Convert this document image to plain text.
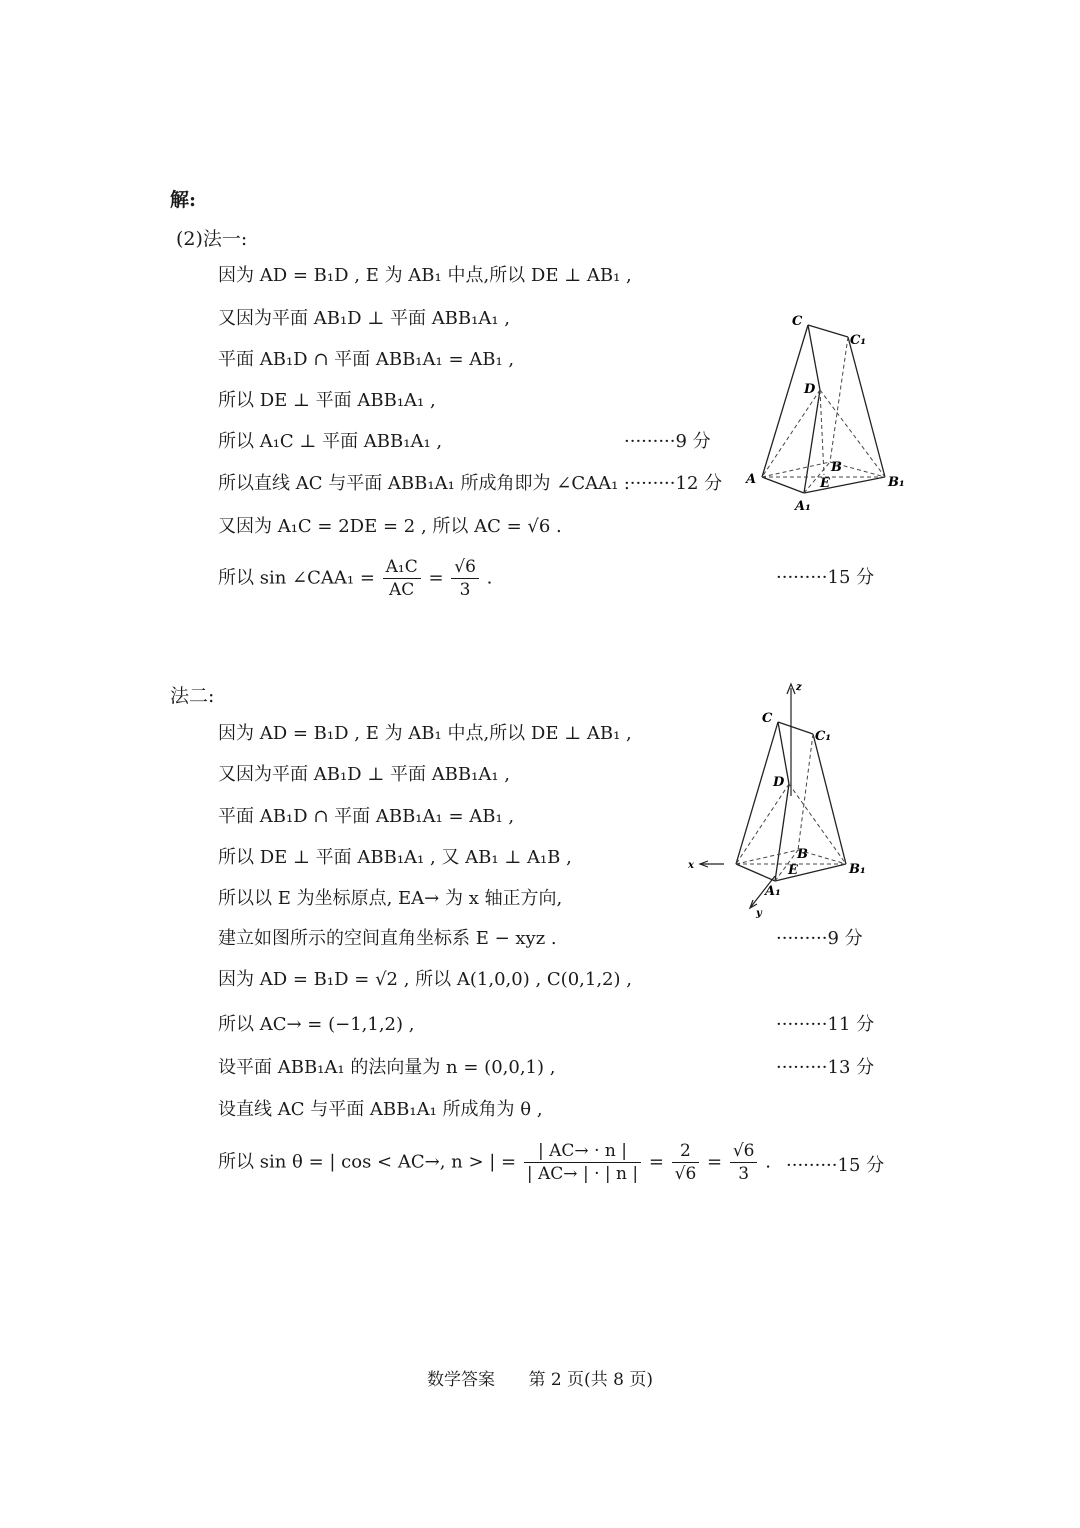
解:
(2)法一:
因为 AD = B₁D , E 为 AB₁ 中点,所以 DE ⊥ AB₁ ,
又因为平面 AB₁D ⊥ 平面 ABB₁A₁ ,
平面 AB₁D ∩ 平面 ABB₁A₁ = AB₁ ,
所以 DE ⊥ 平面 ABB₁A₁ ,
所以 A₁C ⊥ 平面 ABB₁A₁ ,
所以直线 AC 与平面 ABB₁A₁ 所成角即为 ∠CAA₁ .
又因为 A₁C = 2DE = 2 , 所以 AC = √6 .
所以 sin ∠CAA₁ = $\frac{\text{A₁C}}{AC} = \frac{√6}{3}$ .
·········9 分
·········12 分
·········15 分
C
C₁
D
A
B
E	B₁
A₁
法二:
因为 AD = B₁D , E 为 AB₁ 中点,所以 DE ⊥ AB₁ ,
又因为平面 AB₁D ⊥ 平面 ABB₁A₁ ,
平面 AB₁D ∩ 平面 ABB₁A₁ = AB₁ ,
所以 DE ⊥ 平面 ABB₁A₁ , 又 AB₁ ⊥ A₁B ,
所以以 E 为坐标原点, EA→ 为 x 轴正方向,
建立如图所示的空间直角坐标系 E − xyz .
因为 AD = B₁D = √2 , 所以 A(1,0,0) , C(0,1,2) ,
所以 AC→ = (−1,1,2) ,
设平面 ABB₁A₁ 的法向量为 n = (0,0,1) ,
设直线 AC 与平面 ABB₁A₁ 所成角为 θ ,
所以 sin θ = | cos < AC→, n > | = $\frac{| AC\to \cdot n |}{| AC\to | \cdot | n |} = \frac{2}{√6} = \frac{√6}{3}$ .
·········9 分
·········11 分
·········13 分
·········15 分
z
C
C₁
D
x
B
E	B₁
A₁
y
数学答案 第 2 页(共 8 页)
